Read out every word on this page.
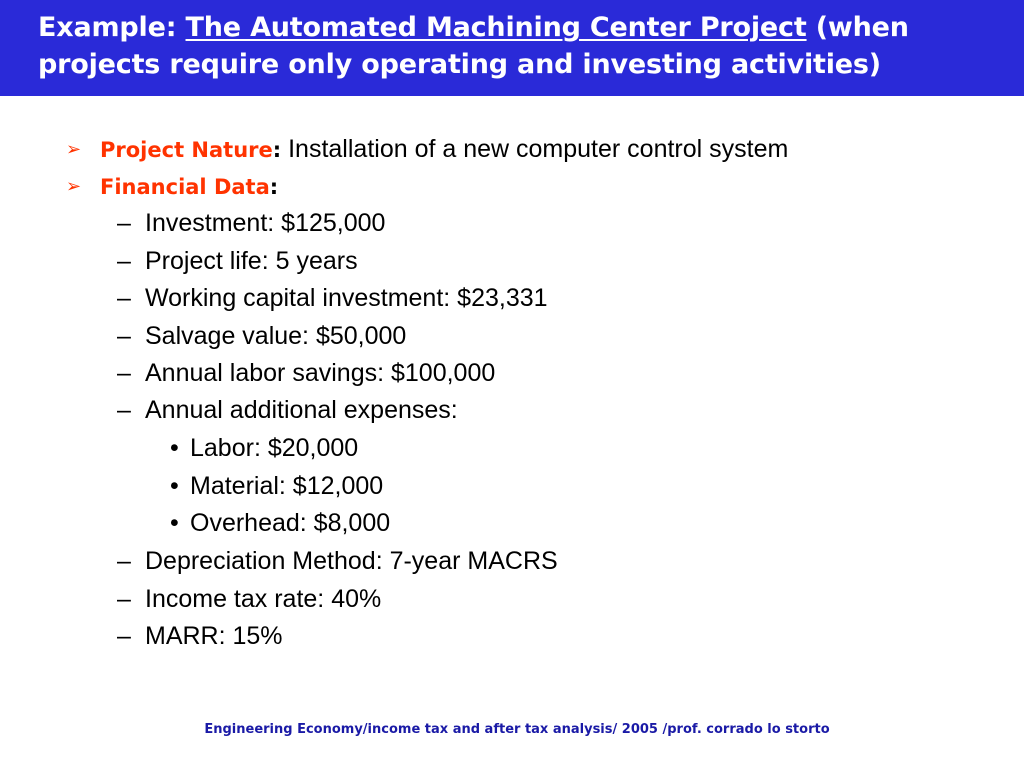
Example: The Automated Machining Center Project (when projects require only operating and investing activities)
➢ Project Nature: Installation of a new computer control system
➢ Financial Data:
– Investment: $125,000
– Project life: 5 years
– Working capital investment: $23,331
– Salvage value: $50,000
– Annual labor savings: $100,000
– Annual additional expenses:
• Labor: $20,000
• Material: $12,000
• Overhead: $8,000
– Depreciation Method: 7-year MACRS
– Income tax rate: 40%
– MARR: 15%
Engineering Economy/income tax and after tax analysis/ 2005 /prof. corrado lo storto
